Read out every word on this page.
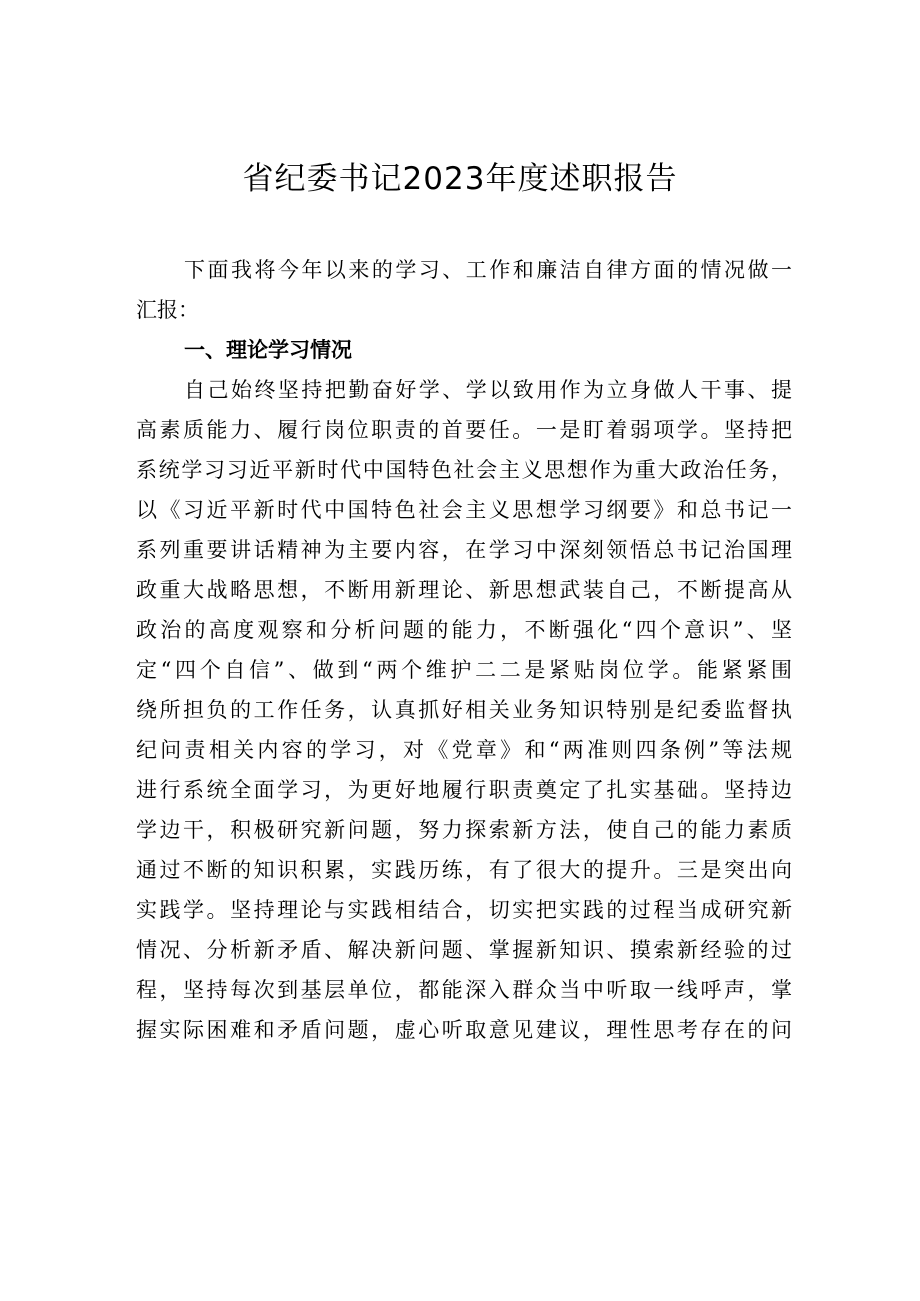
省纪委书记2023年度述职报告
下面我将今年以来的学习、工作和廉洁自律方面的情况做一
汇报：
一、理论学习情况
自己始终坚持把勤奋好学、学以致用作为立身做人干事、提
高素质能力、履行岗位职责的首要任。一是盯着弱项学。坚持把
系统学习习近平新时代中国特色社会主义思想作为重大政治任务，
以《习近平新时代中国特色社会主义思想学习纲要》和总书记一
系列重要讲话精神为主要内容，在学习中深刻领悟总书记治国理
政重大战略思想，不断用新理论、新思想武装自己，不断提高从
政治的高度观察和分析问题的能力，不断强化“四个意识”、坚
定“四个自信”、做到“两个维护二二是紧贴岗位学。能紧紧围
绕所担负的工作任务，认真抓好相关业务知识特别是纪委监督执
纪问责相关内容的学习，对《党章》和“两准则四条例”等法规
进行系统全面学习，为更好地履行职责奠定了扎实基础。坚持边
学边干，积极研究新问题，努力探索新方法，使自己的能力素质
通过不断的知识积累，实践历练，有了很大的提升。三是突出向
实践学。坚持理论与实践相结合，切实把实践的过程当成研究新
情况、分析新矛盾、解决新问题、掌握新知识、摸索新经验的过
程，坚持每次到基层单位，都能深入群众当中听取一线呼声，掌
握实际困难和矛盾问题，虚心听取意见建议，理性思考存在的问
